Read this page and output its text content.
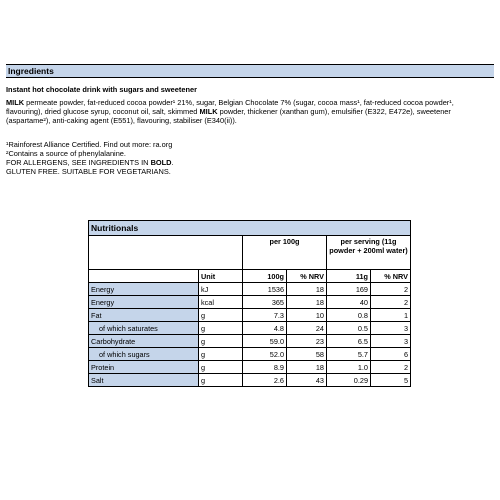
Ingredients
Instant hot chocolate drink with sugars and sweetener
MILK permeate powder, fat-reduced cocoa powder¹ 21%, sugar, Belgian Chocolate 7% (sugar, cocoa mass¹, fat-reduced cocoa powder¹, flavouring), dried glucose syrup, coconut oil, salt, skimmed MILK powder, thickener (xanthan gum), emulsifier (E322, E472e), sweetener (aspartame²), anti-caking agent (E551), flavouring, stabiliser (E340(ii)).
¹Rainforest Alliance Certified. Find out more: ra.org
²Contains a source of phenylalanine.
FOR ALLERGENS, SEE INGREDIENTS IN BOLD.
GLUTEN FREE. SUITABLE FOR VEGETARIANS.
Nutritionals					
		per 100g		per serving (11g powder + 200ml water)	
	Unit	100g	% NRV	11g	% NRV
Energy	kJ	1536	18	169	2
Energy	kcal	365	18	40	2
Fat	g	7.3	10	0.8	1
of which saturates	g	4.8	24	0.5	3
Carbohydrate	g	59.0	23	6.5	3
of which sugars	g	52.0	58	5.7	6
Protein	g	8.9	18	1.0	2
Salt	g	2.6	43	0.29	5
